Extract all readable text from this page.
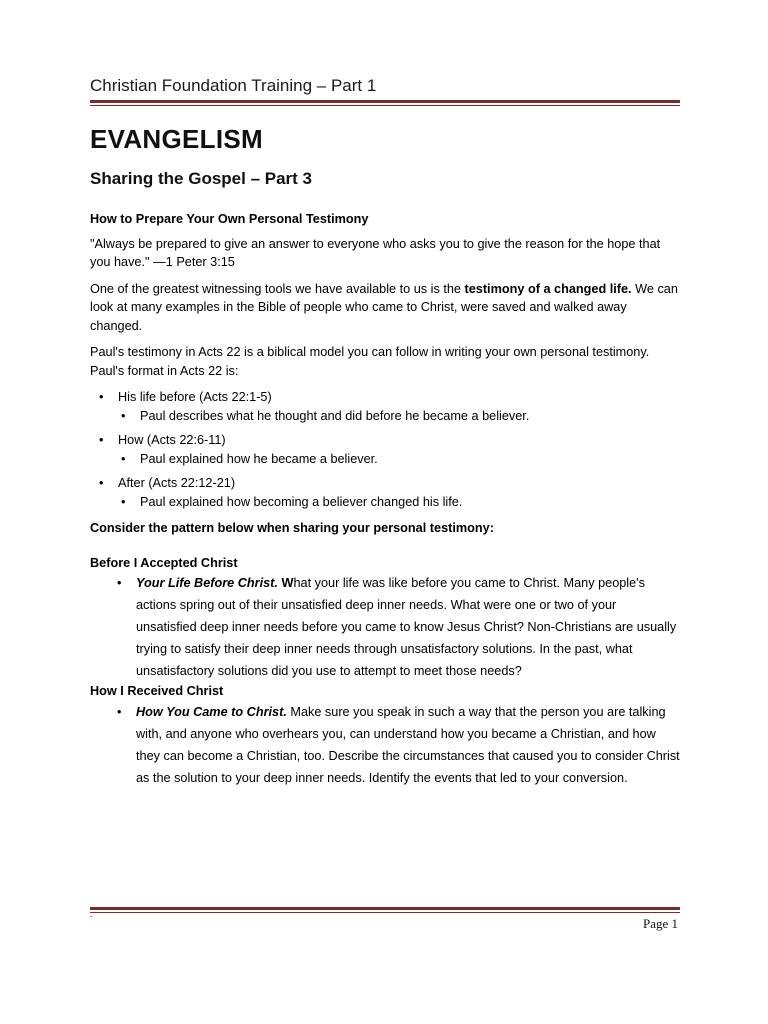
Christian Foundation Training – Part 1
EVANGELISM
Sharing the Gospel – Part 3
How to Prepare Your Own Personal Testimony

"Always be prepared to give an answer to everyone who asks you to give the reason for the hope that you have." —1 Peter 3:15

One of the greatest witnessing tools we have available to us is the testimony of a changed life. We can look at many examples in the Bible of people who came to Christ, were saved and walked away changed.

Paul's testimony in Acts 22 is a biblical model you can follow in writing your own personal testimony. Paul's format in Acts 22 is:

• His life before (Acts 22:1-5)
• Paul describes what he thought and did before he became a believer.
• How (Acts 22:6-11)
• Paul explained how he became a believer.
• After (Acts 22:12-21)
• Paul explained how becoming a believer changed his life.
Consider the pattern below when sharing your personal testimony:
Before I Accepted Christ
• Your Life Before Christ. What your life was like before you came to Christ. Many people's actions spring out of their unsatisfied deep inner needs. What were one or two of your unsatisfied deep inner needs before you came to know Jesus Christ? Non-Christians are usually trying to satisfy their deep inner needs through unsatisfactory solutions. In the past, what unsatisfactory solutions did you use to attempt to meet those needs?
How I Received Christ
• How You Came to Christ. Make sure you speak in such a way that the person you are talking with, and anyone who overhears you, can understand how you became a Christian, and how they can become a Christian, too. Describe the circumstances that caused you to consider Christ as the solution to your deep inner needs. Identify the events that led to your conversion.
-	Page 1
